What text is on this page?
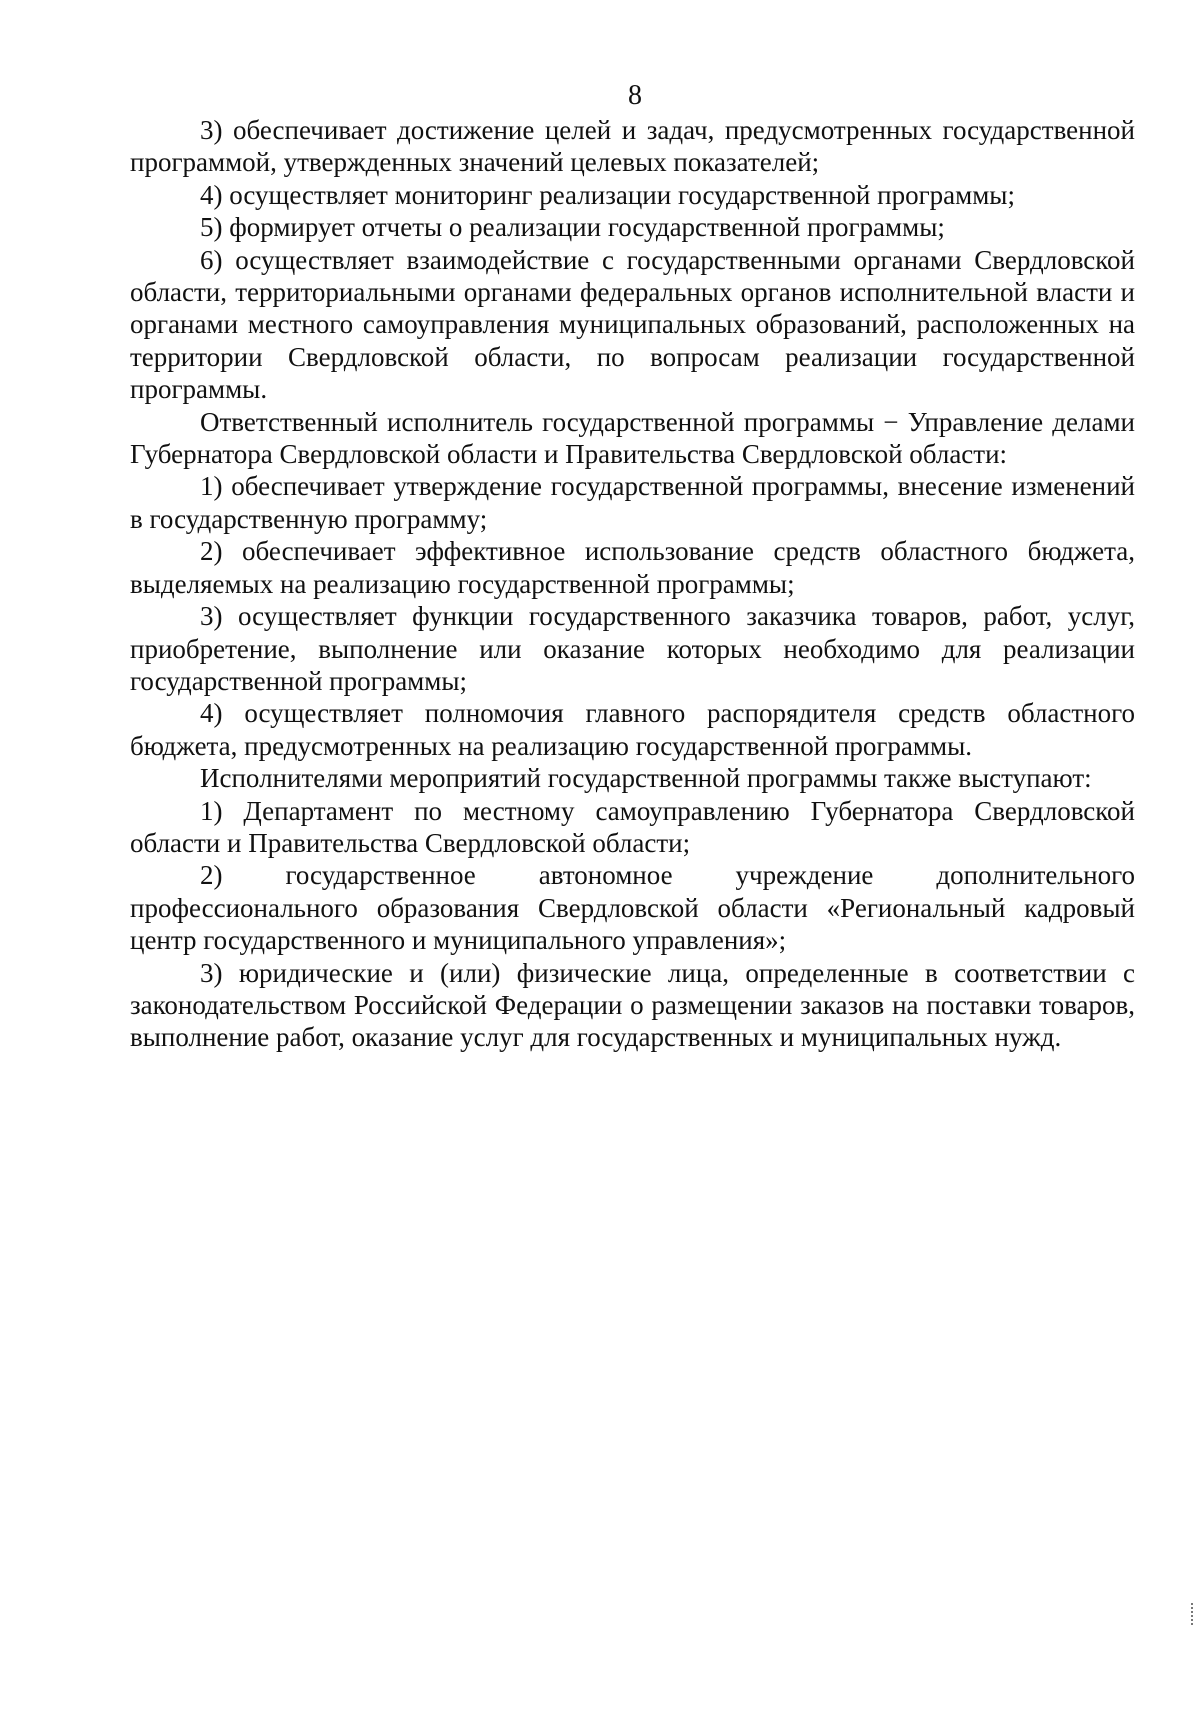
8

3) обеспечивает достижение целей и задач, предусмотренных государственной программой, утвержденных значений целевых показателей;

4) осуществляет мониторинг реализации государственной программы;

5) формирует отчеты о реализации государственной программы;

6) осуществляет взаимодействие с государственными органами Свердловской области, территориальными органами федеральных органов исполнительной власти и органами местного самоуправления муниципальных образований, расположенных на территории Свердловской области, по вопросам реализации государственной программы.

Ответственный исполнитель государственной программы − Управление делами Губернатора Свердловской области и Правительства Свердловской области:

1) обеспечивает утверждение государственной программы, внесение изменений в государственную программу;

2) обеспечивает эффективное использование средств областного бюджета, выделяемых на реализацию государственной программы;

3) осуществляет функции государственного заказчика товаров, работ, услуг, приобретение, выполнение или оказание которых необходимо для реализации государственной программы;

4) осуществляет полномочия главного распорядителя средств областного бюджета, предусмотренных на реализацию государственной программы.

Исполнителями мероприятий государственной программы также выступают:

1) Департамент по местному самоуправлению Губернатора Свердловской области и Правительства Свердловской области;

2) государственное автономное учреждение дополнительного профессионального образования Свердловской области «Региональный кадровый центр государственного и муниципального управления»;

3) юридические и (или) физические лица, определенные в соответствии с законодательством Российской Федерации о размещении заказов на поставки товаров, выполнение работ, оказание услуг для государственных и муниципальных нужд.
